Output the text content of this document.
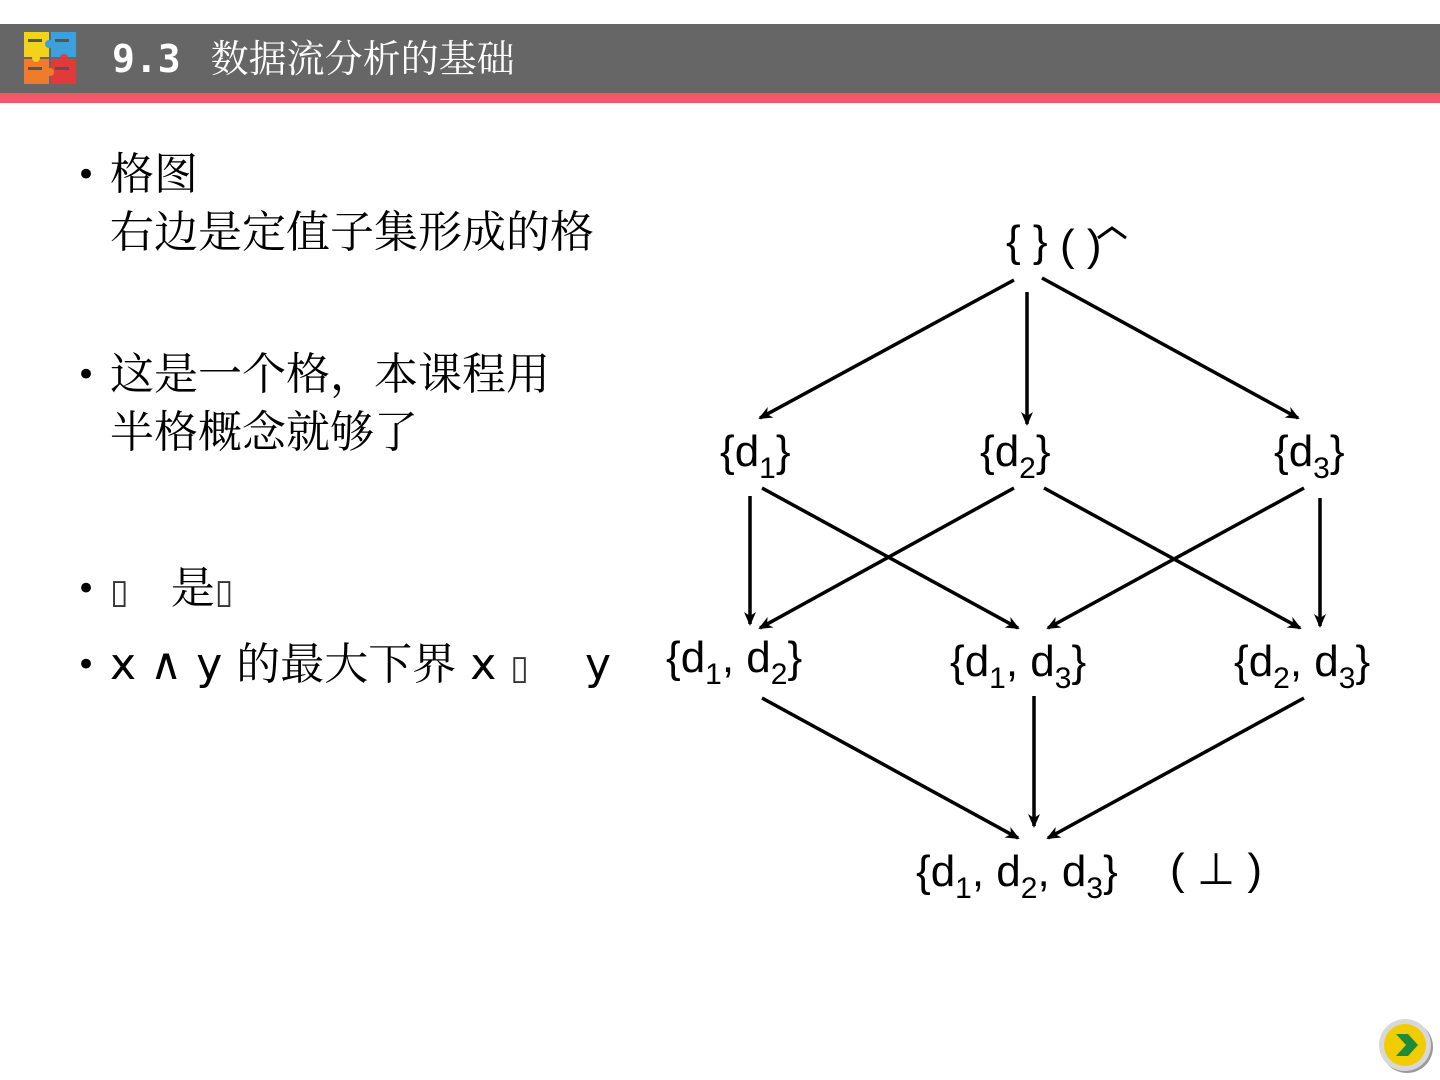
9.3 数据流分析的基础
• 格图
右边是定值子集形成的格
• 这是一个格，本课程用
半格概念就够了
• ▯ 是▯
• x ∧ y 的最大下界 x ▯ y
{ } ( )
$\{d_1\}$	$\{d_2\}$	$\{d_3\}$
{$d_1$, $d_2$}	{$d_1$, $d_3$}	{$d_2$, $d_3$}
{$d_1$, $d_2$, $d_3$} ( ⊥ )
